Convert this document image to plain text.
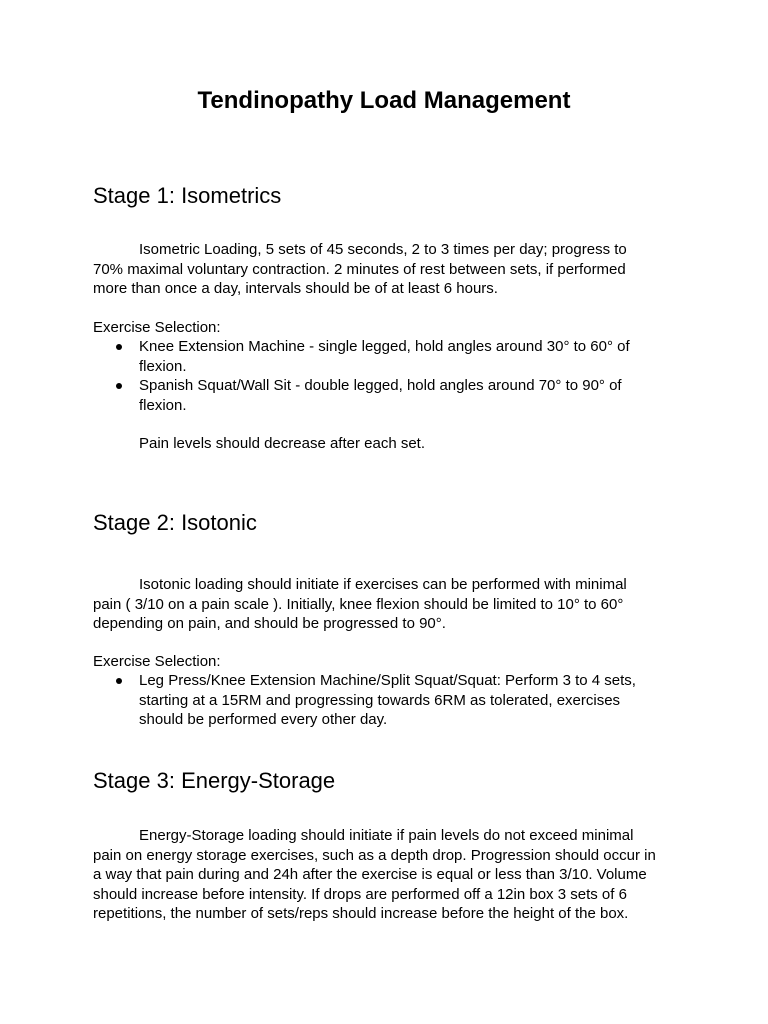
Tendinopathy Load Management
Stage 1: Isometrics
Isometric Loading, 5 sets of 45 seconds, 2 to 3 times per day; progress to
70% maximal voluntary contraction. 2 minutes of rest between sets, if performed
more than once a day, intervals should be of at least 6 hours.

Exercise Selection:

Knee Extension Machine - single legged, hold angles around 30° to 60° of
flexion.
Spanish Squat/Wall Sit - double legged, hold angles around 70° to 90° of
flexion.

Pain levels should decrease after each set.

Stage 2: Isotonic
Isotonic loading should initiate if exercises can be performed with minimal
pain ( 3/10 on a pain scale ). Initially, knee flexion should be limited to 10° to 60°
depending on pain, and should be progressed to 90°.

Exercise Selection:

Leg Press/Knee Extension Machine/Split Squat/Squat: Perform 3 to 4 sets,
starting at a 15RM and progressing towards 6RM as tolerated, exercises
should be performed every other day.
Stage 3: Energy-Storage
Energy-Storage loading should initiate if pain levels do not exceed minimal
pain on energy storage exercises, such as a depth drop. Progression should occur in
a way that pain during and 24h after the exercise is equal or less than 3/10. Volume
should increase before intensity. If drops are performed off a 12in box 3 sets of 6
repetitions, the number of sets/reps should increase before the height of the box.
